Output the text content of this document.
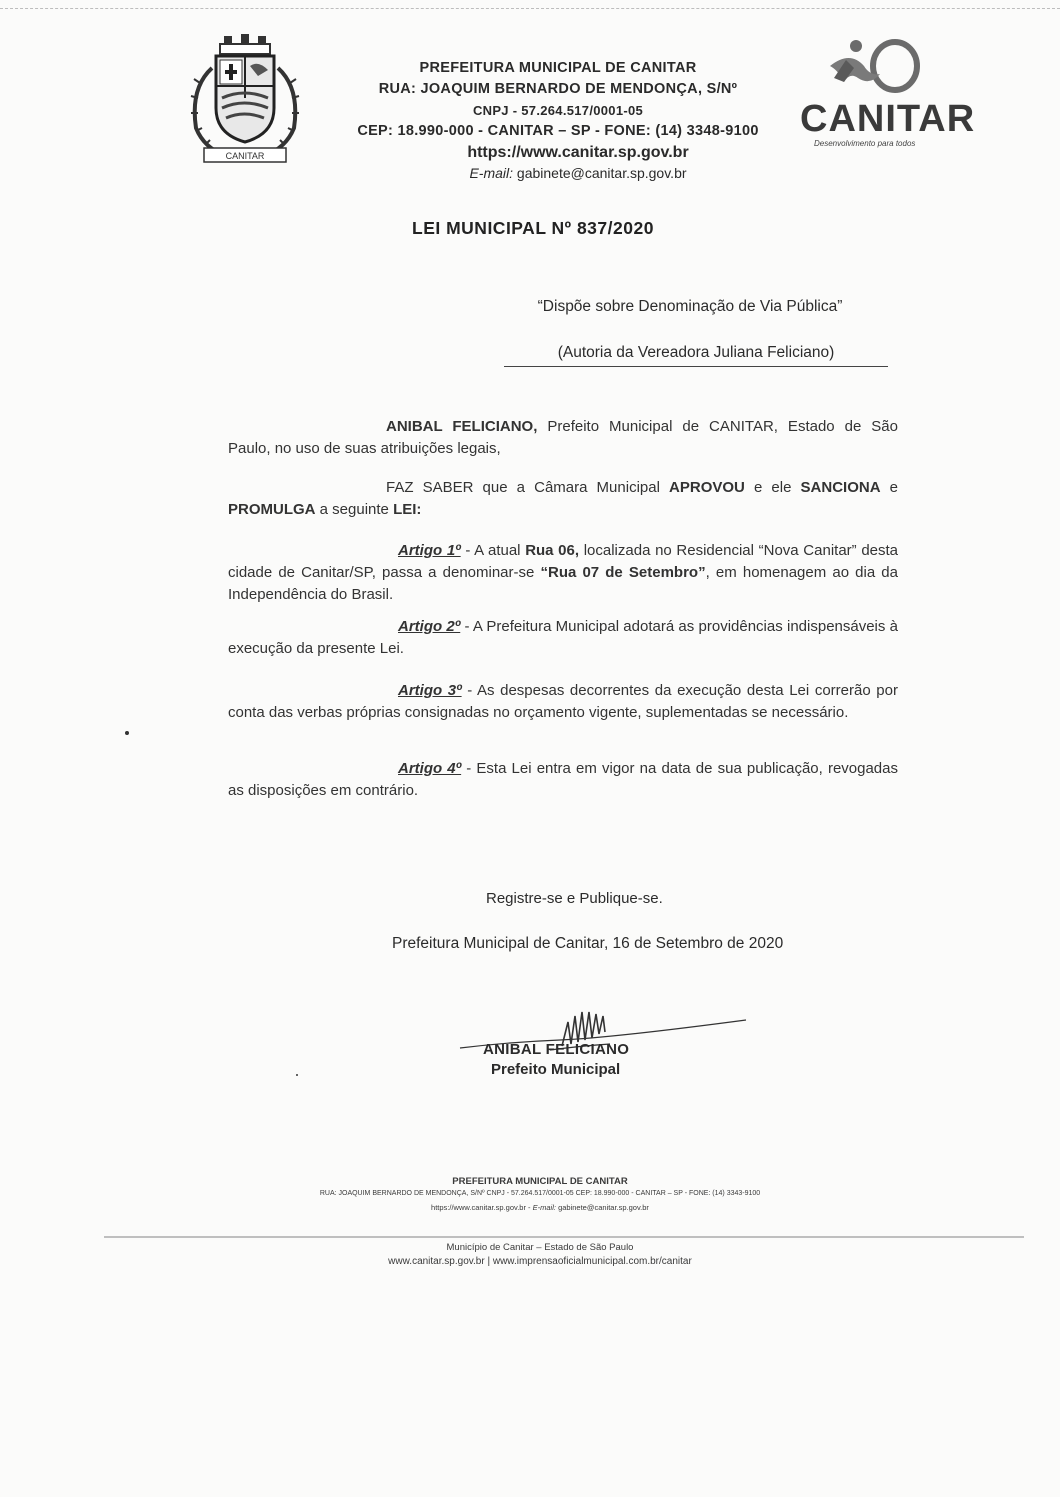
CANITAR
PREFEITURA MUNICIPAL DE CANITAR
RUA: JOAQUIM BERNARDO DE MENDONÇA, S/Nº
CNPJ - 57.264.517/0001-05
CEP: 18.990-000 - CANITAR – SP - FONE: (14) 3348-9100
https://www.canitar.sp.gov.br
E-mail: gabinete@canitar.sp.gov.br
CANITAR
Desenvolvimento para todos
LEI MUNICIPAL Nº 837/2020
“Dispõe sobre Denominação de Via Pública”
(Autoria da Vereadora Juliana Feliciano)
ANIBAL FELICIANO, Prefeito Municipal de CANITAR, Estado de São Paulo, no uso de suas atribuições legais,
FAZ SABER que a Câmara Municipal APROVOU e ele SANCIONA e PROMULGA a seguinte LEI:
Artigo 1º - A atual Rua 06, localizada no Residencial “Nova Canitar” desta cidade de Canitar/SP, passa a denominar-se “Rua 07 de Setembro”, em homenagem ao dia da Independência do Brasil.
Artigo 2º - A Prefeitura Municipal adotará as providências indispensáveis à execução da presente Lei.
Artigo 3º - As despesas decorrentes da execução desta Lei correrão por conta das verbas próprias consignadas no orçamento vigente, suplementadas se necessário.
Artigo 4º - Esta Lei entra em vigor na data de sua publicação, revogadas as disposições em contrário.
Registre-se e Publique-se.
Prefeitura Municipal de Canitar, 16 de Setembro de 2020
ANIBAL FELICIANO
Prefeito Municipal
PREFEITURA MUNICIPAL DE CANITAR
RUA: JOAQUIM BERNARDO DE MENDONÇA, S/Nº CNPJ - 57.264.517/0001-05 CEP: 18.990-000 - CANITAR – SP - FONE: (14) 3343-9100
https://www.canitar.sp.gov.br - E-mail: gabinete@canitar.sp.gov.br
Município de Canitar – Estado de São Paulo
www.canitar.sp.gov.br | www.imprensaoficialmunicipal.com.br/canitar
